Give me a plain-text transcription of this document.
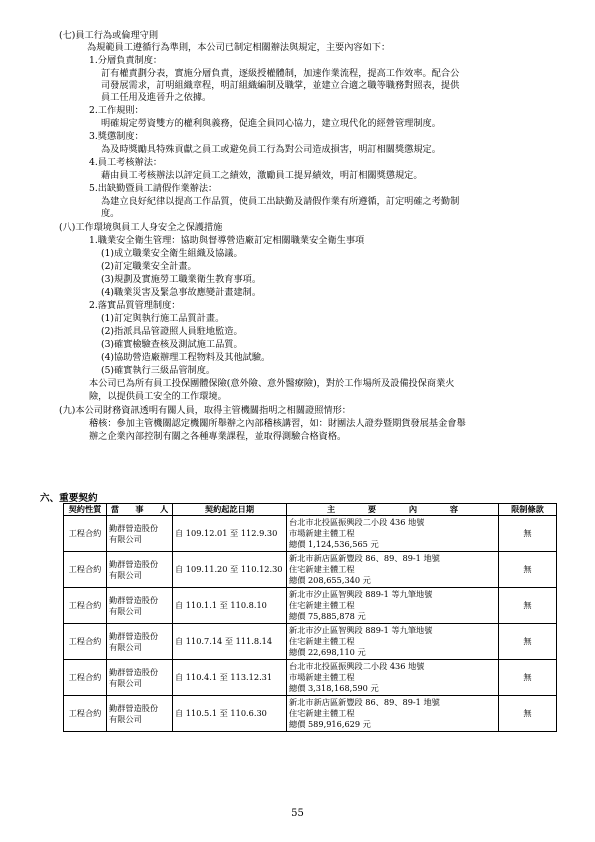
(七)員工行為或倫理守則
為規範員工遵循行為準則，本公司已制定相關辦法與規定，主要內容如下：
1.分層負責制度：
訂有權責劃分表，實施分層負責，逐級授權體制，加速作業流程，提高工作效率。配合公
司發展需求，訂明組織章程，明訂組織編制及職掌，並建立合適之職等職務對照表，提供
員工任用及進晉升之依據。
2.工作規則：
明確規定勞資雙方的權利與義務，促進全員同心協力，建立現代化的經營管理制度。
3.獎懲制度：
為及時獎勵具特殊貢獻之員工或避免員工行為對公司造成損害，明訂相關獎懲規定。
4.員工考核辦法：
藉由員工考核辦法以評定員工之績效，激勵員工提昇績效，明訂相關獎懲規定。
5.出缺勤暨員工請假作業辦法：
為建立良好紀律以提高工作品質，使員工出缺勤及請假作業有所遵循，訂定明確之考勤制
度。
(八)工作環境與員工人身安全之保護措施
1.職業安全衛生管理：協助與督導營造廠訂定相關職業安全衛生事項
(1)成立職業安全衛生組織及協議。
(2)訂定職業安全計畫。
(3)規劃及實施勞工職業衛生教育事項。
(4)職業災害及緊急事故應變計畫建制。
2.落實品質管理制度：
(1)訂定與執行施工品質計畫。
(2)指派具品管證照人員駐地監造。
(3)確實檢驗查核及測試施工品質。
(4)協助營造廠辦理工程物料及其他試驗。
(5)確實執行三級品管制度。
本公司已為所有員工投保團體保險(意外險、意外醫療險)，對於工作場所及設備投保商業火
險，以提供員工安全的工作環境。
(九)本公司財務資訊透明有關人員，取得主管機關指明之相關證照情形：
稽核：參加主管機關認定機關所舉辦之內部稽核講習，如：財團法人證券暨期貨發展基金會舉
辦之企業內部控制有關之各種專業課程，並取得測驗合格資格。
六、重要契約
契約性質	當　　事　　人	契約起訖日期	主　　　　要　　　　內　　　　容	限制條款
工程合約	勤群營造股份
有限公司	自 109.12.01 至 112.9.30	台北市北投區振興段二小段 436 地號
市場新建主體工程
總價 1,124,536,565 元	無
工程合約	勤群營造股份
有限公司	自 109.11.20 至 110.12.30	新北市新店區新豐段 86、89、89-1 地號
住宅新建主體工程
總價 208,655,340 元	無
工程合約	勤群營造股份
有限公司	自 110.1.1 至 110.8.10	新北市汐止區智興段 889-1 等九筆地號
住宅新建主體工程
總價 75,885,878 元	無
工程合約	勤群營造股份
有限公司	自 110.7.14 至 111.8.14	新北市汐止區智興段 889-1 等九筆地號
住宅新建主體工程
總價 22,698,110 元	無
工程合約	勤群營造股份
有限公司	自 110.4.1 至 113.12.31	台北市北投區振興段二小段 436 地號
市場新建主體工程
總價 3,318,168,590 元	無
工程合約	勤群營造股份
有限公司	自 110.5.1 至 110.6.30	新北市新店區新豐段 86、89、89-1 地號
住宅新建主體工程
總價 589,916,629 元	無
55
